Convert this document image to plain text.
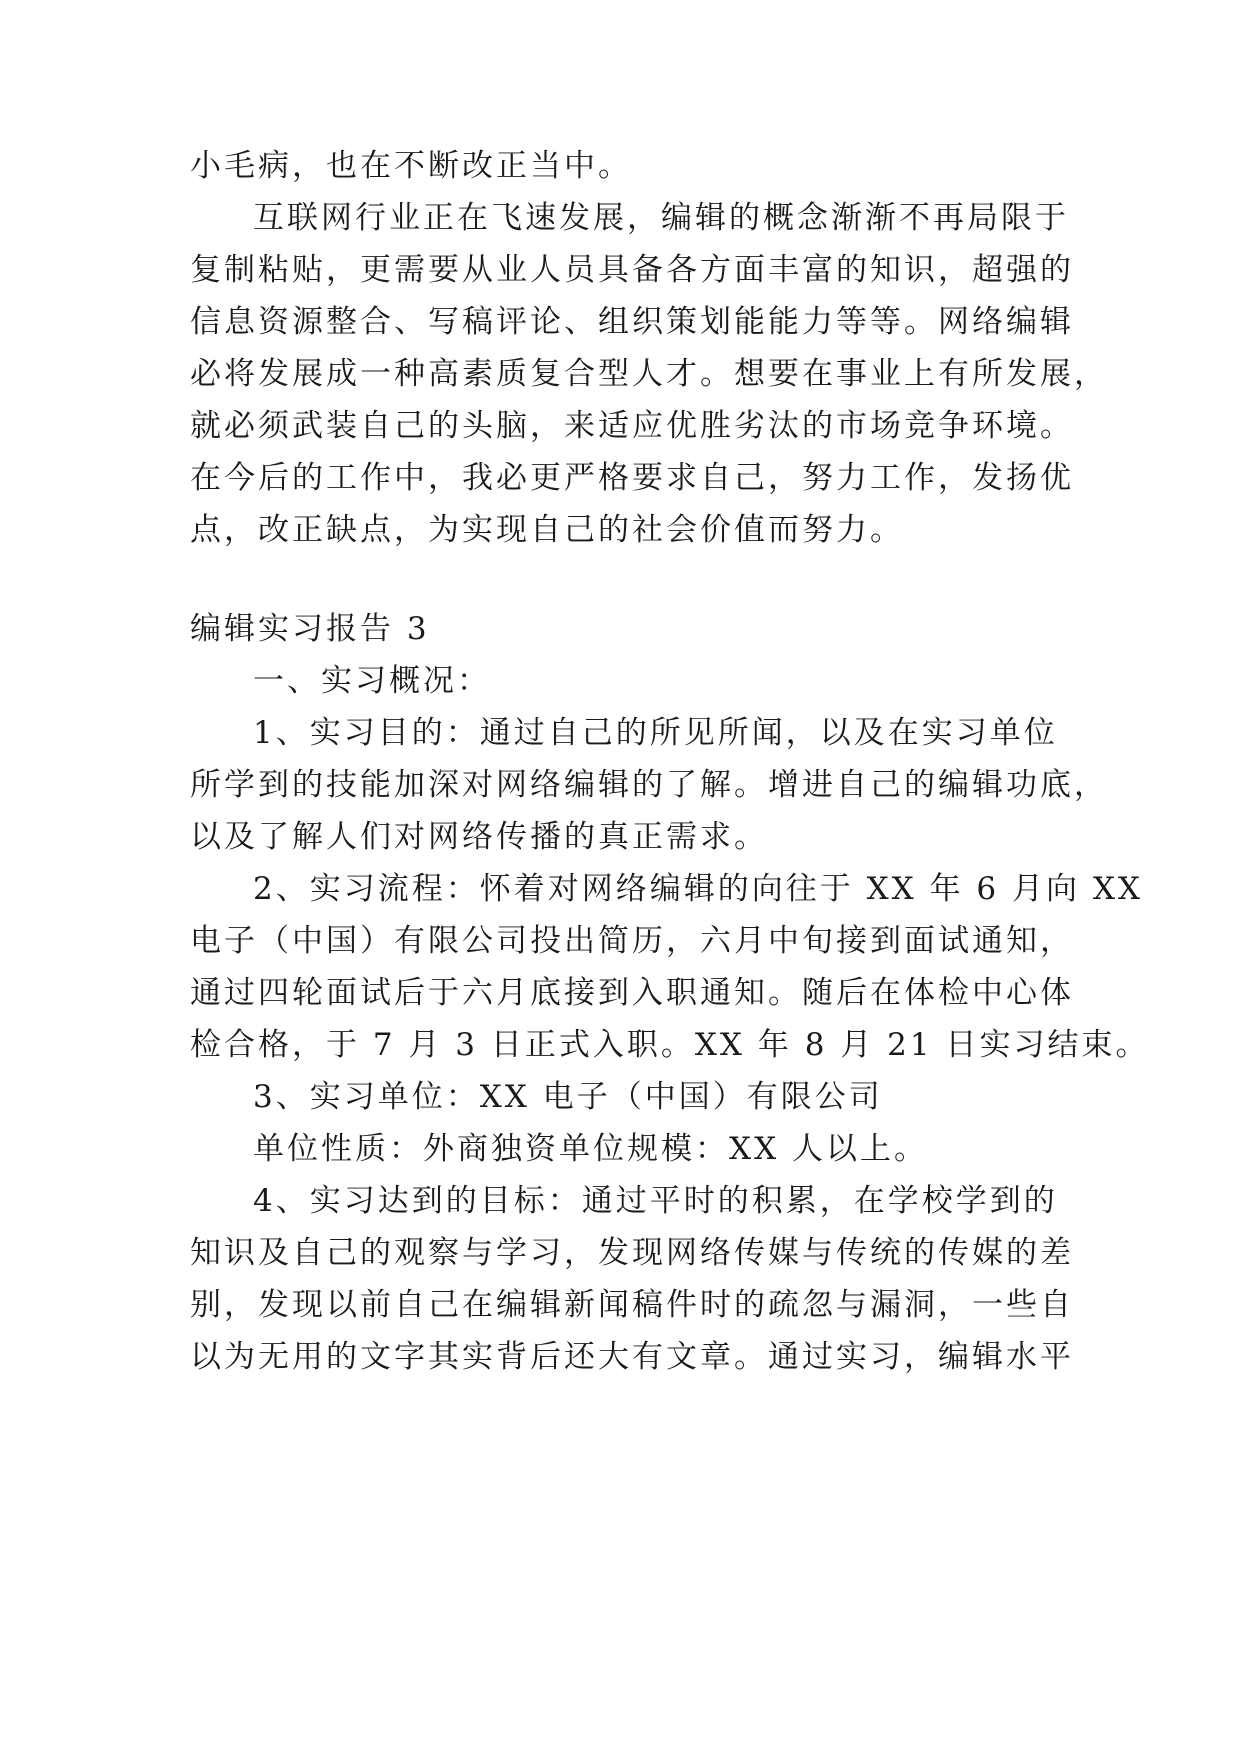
小毛病，也在不断改正当中。
互联网行业正在飞速发展，编辑的概念渐渐不再局限于
复制粘贴，更需要从业人员具备各方面丰富的知识，超强的
信息资源整合、写稿评论、组织策划能能力等等。网络编辑
必将发展成一种高素质复合型人才。想要在事业上有所发展，
就必须武装自己的头脑，来适应优胜劣汰的市场竞争环境。
在今后的工作中，我必更严格要求自己，努力工作，发扬优
点，改正缺点，为实现自己的社会价值而努力。
编辑实习报告 3
一、实习概况：
1、实习目的：通过自己的所见所闻，以及在实习单位
所学到的技能加深对网络编辑的了解。增进自己的编辑功底，
以及了解人们对网络传播的真正需求。
2、实习流程：怀着对网络编辑的向往于 XX 年 6 月向 XX
电子（中国）有限公司投出简历，六月中旬接到面试通知，
通过四轮面试后于六月底接到入职通知。随后在体检中心体
检合格，于 7 月 3 日正式入职。XX 年 8 月 21 日实习结束。
3、实习单位：XX 电子（中国）有限公司
单位性质：外商独资单位规模：XX 人以上。
4、实习达到的目标：通过平时的积累，在学校学到的
知识及自己的观察与学习，发现网络传媒与传统的传媒的差
别，发现以前自己在编辑新闻稿件时的疏忽与漏洞，一些自
以为无用的文字其实背后还大有文章。通过实习，编辑水平
